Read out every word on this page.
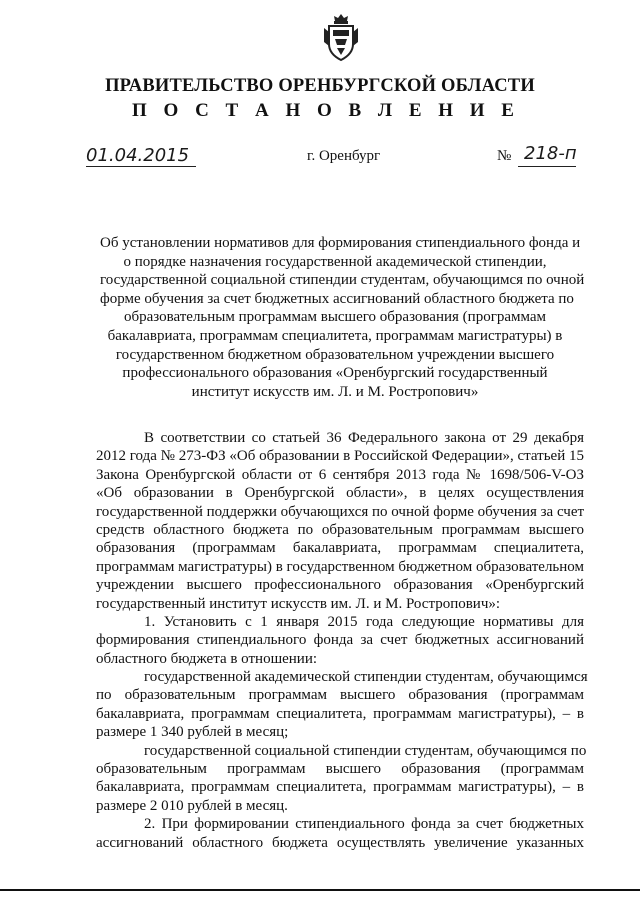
ПРАВИТЕЛЬСТВО ОРЕНБУРГСКОЙ ОБЛАСТИ
П О С Т А Н О В Л Е Н И Е
01.04.2015	г. Оренбург	№ 218-п
Об установлении нормативов для формирования стипендиального фонда и
о порядке назначения государственной академической стипендии,
государственной социальной стипендии студентам, обучающимся по очной
форме обучения за счет бюджетных ассигнований областного бюджета по
образовательным программам высшего образования (программам
бакалавриата, программам специалитета, программам магистратуры) в
государственном бюджетном образовательном учреждении высшего
профессионального образования «Оренбургский государственный
институт искусств им. Л. и М. Ростропович»
В соответствии со статьей 36 Федерального закона от 29 декабря
2012 года № 273-ФЗ «Об образовании в Российской Федерации», статьей 15
Закона Оренбургской области от 6 сентября 2013 года № 1698/506-V-ОЗ
«Об образовании в Оренбургской области», в целях осуществления
государственной поддержки обучающихся по очной форме обучения за счет
средств областного бюджета по образовательным программам высшего
образования (программам бакалавриата, программам специалитета,
программам магистратуры) в государственном бюджетном образовательном
учреждении высшего профессионального образования «Оренбургский
государственный институт искусств им. Л. и М. Ростропович»:
1. Установить с 1 января 2015 года следующие нормативы для
формирования стипендиального фонда за счет бюджетных ассигнований
областного бюджета в отношении:
государственной академической стипендии студентам, обучающимся
по образовательным программам высшего образования (программам
бакалавриата, программам специалитета, программам магистратуры), – в
размере 1 340 рублей в месяц;
государственной социальной стипендии студентам, обучающимся по
образовательным программам высшего образования (программам
бакалавриата, программам специалитета, программам магистратуры), – в
размере 2 010 рублей в месяц.
2. При формировании стипендиального фонда за счет бюджетных
ассигнований областного бюджета осуществлять увеличение указанных
